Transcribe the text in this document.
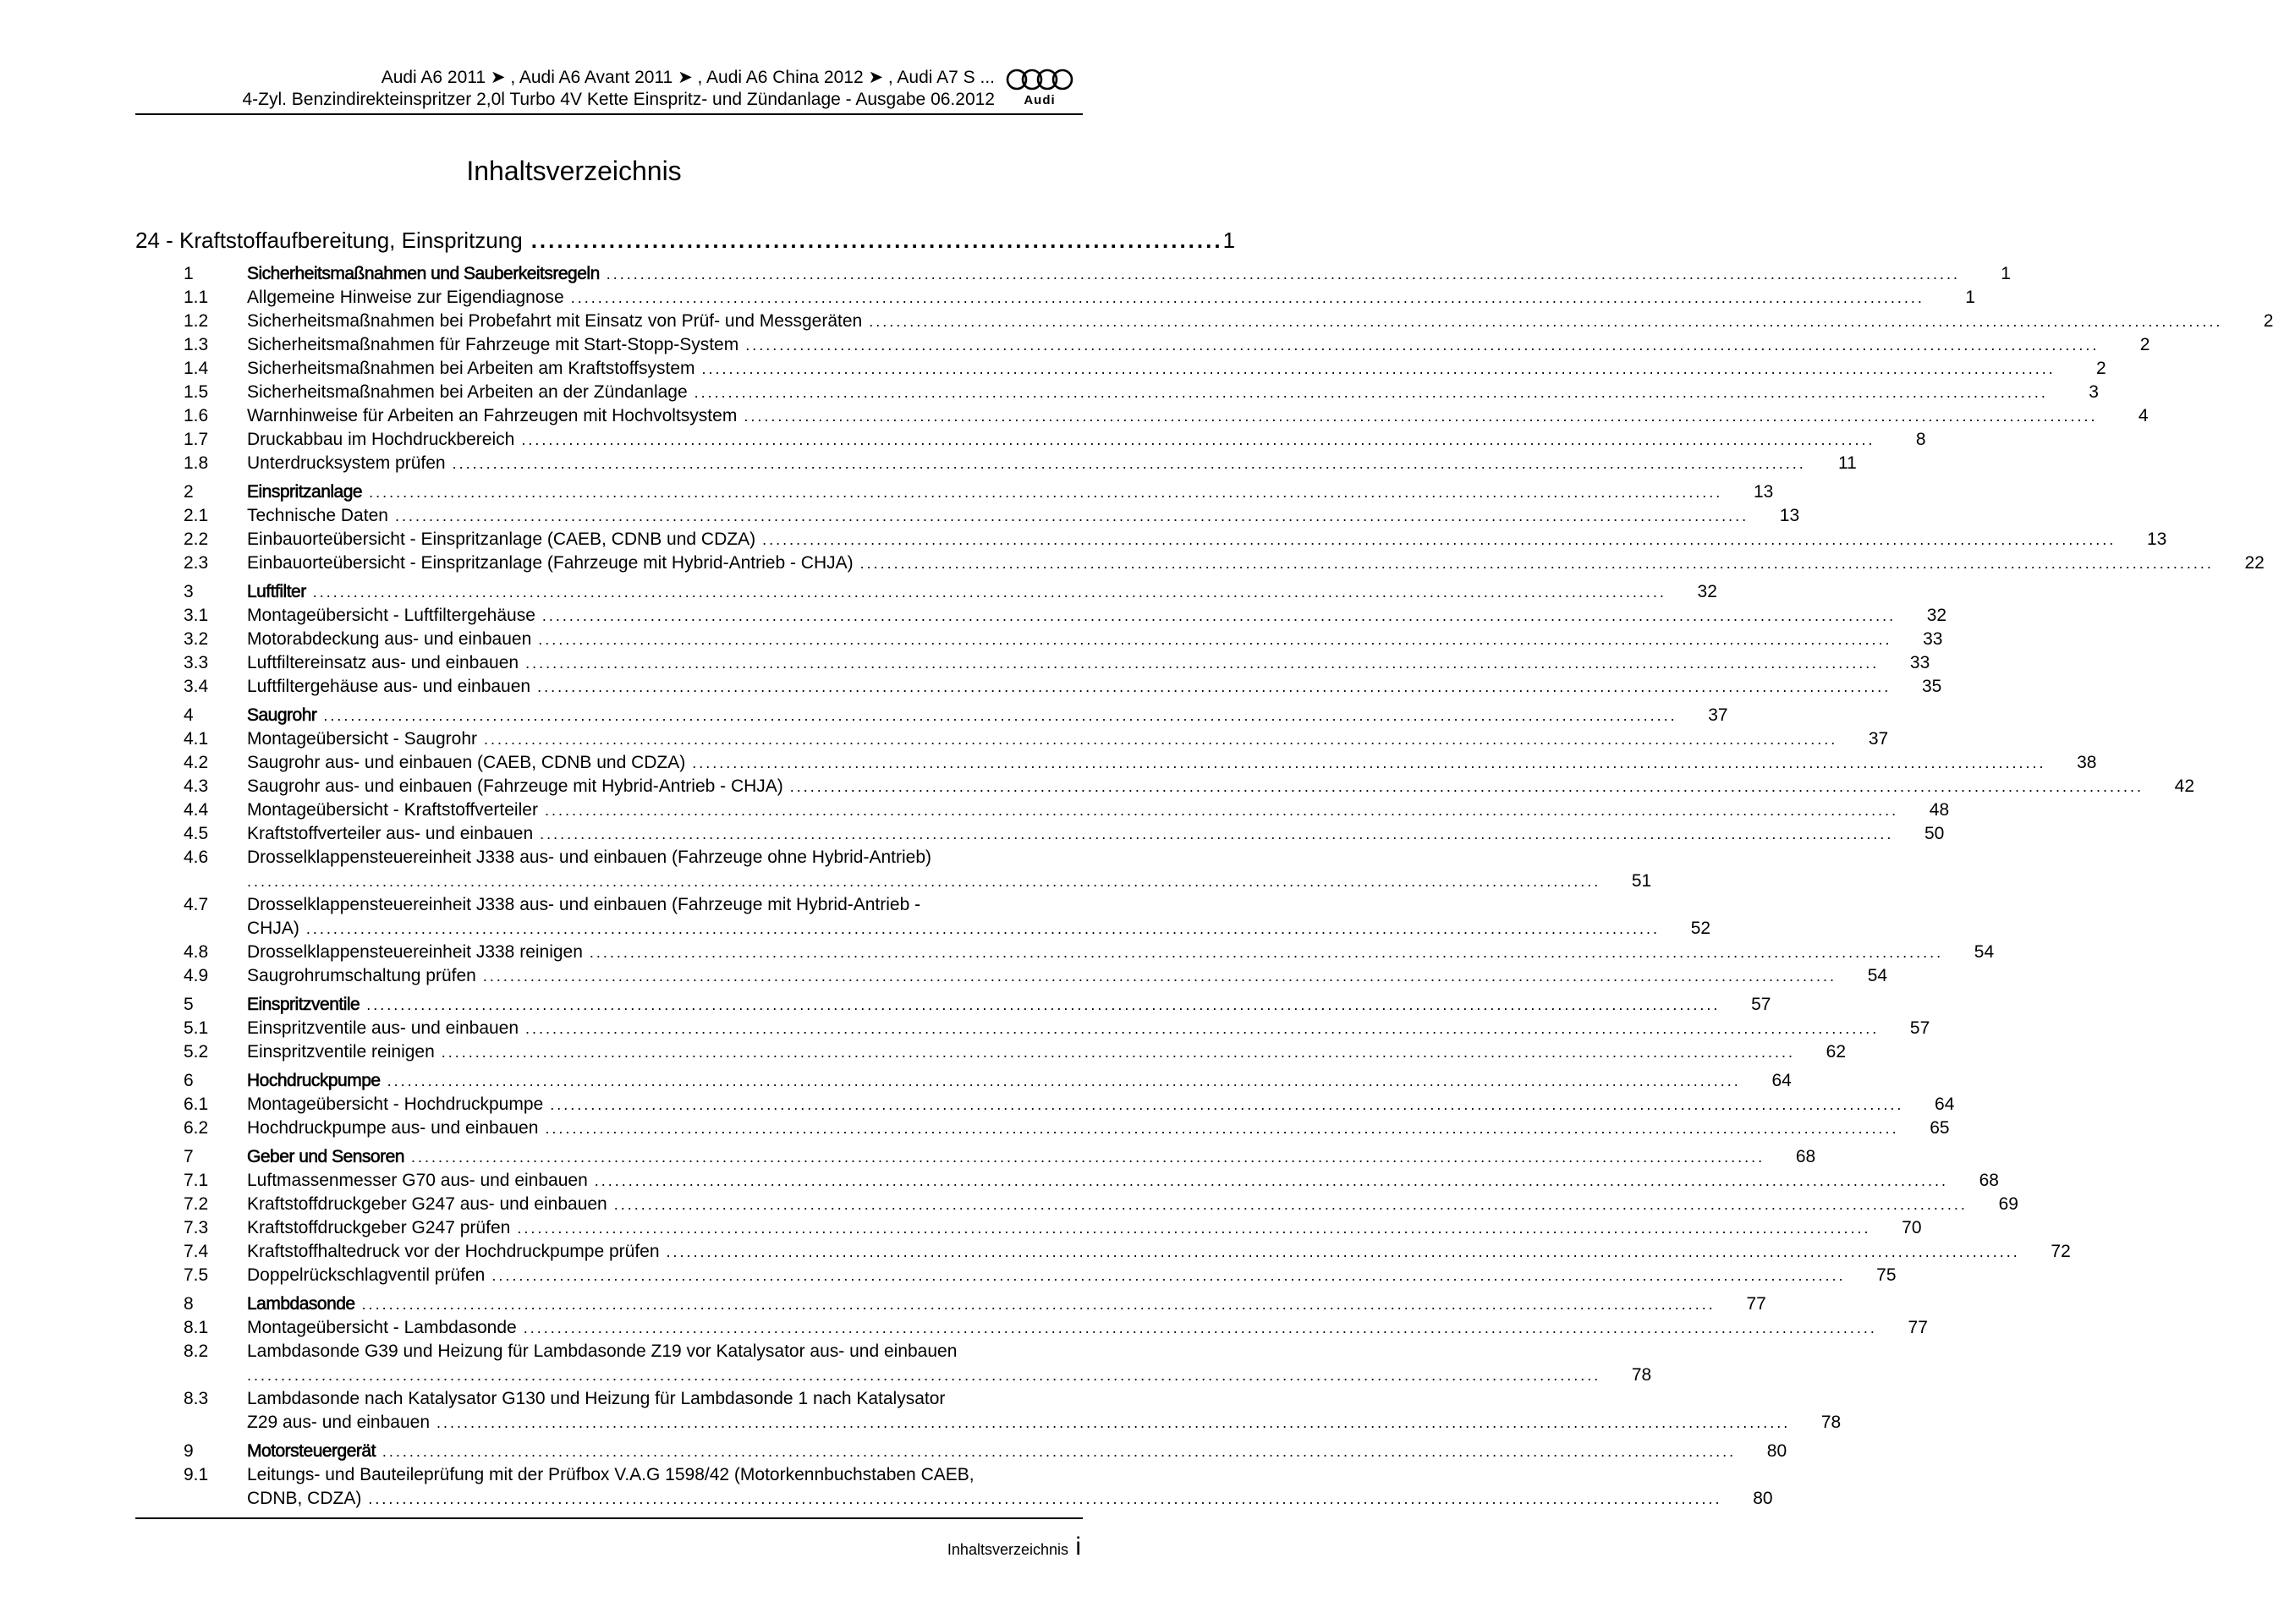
Audi A6 2011 ➤ , Audi A6 Avant 2011 ➤ , Audi A6 China 2012 ➤ , Audi A7 S ...
4-Zyl. Benzindirekteinspritzer 2,0l Turbo 4V Kette Einspritz- und Zündanlage - Ausgabe 06.2012 Audi
Inhaltsverzeichnis
24 - Kraftstoffaufbereitung, Einspritzung ................................................................................ 1
1	Sicherheitsmaßnahmen und Sauberkeitsregeln ........................................................................................................................................................................................................	1
1.1	Allgemeine Hinweise zur Eigendiagnose ........................................................................................................................................................................................................	1
1.2	Sicherheitsmaßnahmen bei Probefahrt mit Einsatz von Prüf- und Messgeräten ........................................................................................................................................................................................................	2
1.3	Sicherheitsmaßnahmen für Fahrzeuge mit Start-Stopp-System ........................................................................................................................................................................................................	2
1.4	Sicherheitsmaßnahmen bei Arbeiten am Kraftstoffsystem ........................................................................................................................................................................................................	2
1.5	Sicherheitsmaßnahmen bei Arbeiten an der Zündanlage ........................................................................................................................................................................................................	3
1.6	Warnhinweise für Arbeiten an Fahrzeugen mit Hochvoltsystem ........................................................................................................................................................................................................	4
1.7	Druckabbau im Hochdruckbereich ........................................................................................................................................................................................................	8
1.8	Unterdrucksystem prüfen ........................................................................................................................................................................................................	11
2	Einspritzanlage ........................................................................................................................................................................................................	13
2.1	Technische Daten ........................................................................................................................................................................................................	13
2.2	Einbauorteübersicht - Einspritzanlage (CAEB, CDNB und CDZA) ........................................................................................................................................................................................................	13
2.3	Einbauorteübersicht - Einspritzanlage (Fahrzeuge mit Hybrid-Antrieb - CHJA) ........................................................................................................................................................................................................	22
3	Luftfilter ........................................................................................................................................................................................................	32
3.1	Montageübersicht - Luftfiltergehäuse ........................................................................................................................................................................................................	32
3.2	Motorabdeckung aus- und einbauen ........................................................................................................................................................................................................	33
3.3	Luftfiltereinsatz aus- und einbauen ........................................................................................................................................................................................................	33
3.4	Luftfiltergehäuse aus- und einbauen ........................................................................................................................................................................................................	35
4	Saugrohr ........................................................................................................................................................................................................	37
4.1	Montageübersicht - Saugrohr ........................................................................................................................................................................................................	37
4.2	Saugrohr aus- und einbauen (CAEB, CDNB und CDZA) ........................................................................................................................................................................................................	38
4.3	Saugrohr aus- und einbauen (Fahrzeuge mit Hybrid-Antrieb - CHJA) ........................................................................................................................................................................................................	42
4.4	Montageübersicht - Kraftstoffverteiler ........................................................................................................................................................................................................	48
4.5	Kraftstoffverteiler aus- und einbauen ........................................................................................................................................................................................................	50
4.6	Drosselklappensteuereinheit J338 aus- und einbauen (Fahrzeuge ohne Hybrid-Antrieb)
........................................................................................................................................................................................................	51
4.7	Drosselklappensteuereinheit J338 aus- und einbauen (Fahrzeuge mit Hybrid-Antrieb -
CHJA) ........................................................................................................................................................................................................	52
4.8	Drosselklappensteuereinheit J338 reinigen ........................................................................................................................................................................................................	54
4.9	Saugrohrumschaltung prüfen ........................................................................................................................................................................................................	54
5	Einspritzventile ........................................................................................................................................................................................................	57
5.1	Einspritzventile aus- und einbauen ........................................................................................................................................................................................................	57
5.2	Einspritzventile reinigen ........................................................................................................................................................................................................	62
6	Hochdruckpumpe ........................................................................................................................................................................................................	64
6.1	Montageübersicht - Hochdruckpumpe ........................................................................................................................................................................................................	64
6.2	Hochdruckpumpe aus- und einbauen ........................................................................................................................................................................................................	65
7	Geber und Sensoren ........................................................................................................................................................................................................	68
7.1	Luftmassenmesser G70 aus- und einbauen ........................................................................................................................................................................................................	68
7.2	Kraftstoffdruckgeber G247 aus- und einbauen ........................................................................................................................................................................................................	69
7.3	Kraftstoffdruckgeber G247 prüfen ........................................................................................................................................................................................................	70
7.4	Kraftstoffhaltedruck vor der Hochdruckpumpe prüfen ........................................................................................................................................................................................................	72
7.5	Doppelrückschlagventil prüfen ........................................................................................................................................................................................................	75
8	Lambdasonde ........................................................................................................................................................................................................	77
8.1	Montageübersicht - Lambdasonde ........................................................................................................................................................................................................	77
8.2	Lambdasonde G39 und Heizung für Lambdasonde Z19 vor Katalysator aus- und einbauen
........................................................................................................................................................................................................	78
8.3	Lambdasonde nach Katalysator G130 und Heizung für Lambdasonde 1 nach Katalysator
Z29 aus- und einbauen ........................................................................................................................................................................................................	78
9	Motorsteuergerät ........................................................................................................................................................................................................	80
9.1	Leitungs- und Bauteileprüfung mit der Prüfbox V.A.G 1598/42 (Motorkennbuchstaben CAEB,
CDNB, CDZA) ........................................................................................................................................................................................................	80
Inhaltsverzeichnis i
